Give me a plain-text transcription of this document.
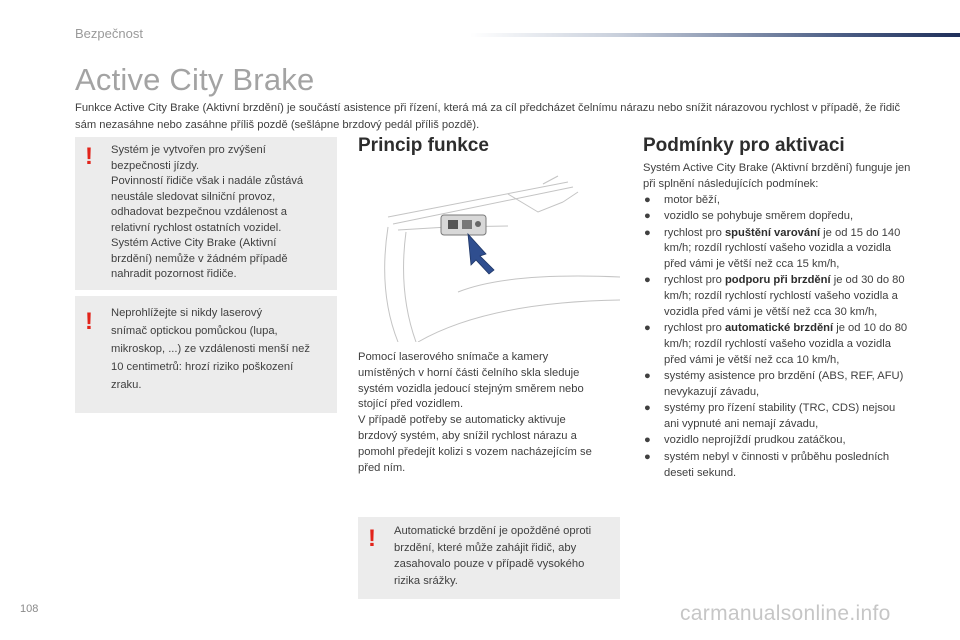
Bezpečnost
Active City Brake

Funkce Active City Brake (Aktivní brzdění) je součástí asistence při řízení, která má za cíl předcházet čelnímu nárazu nebo snížit nárazovou rychlost v případě, že řidič sám nezasáhne nebo zasáhne příliš pozdě (sešlápne brzdový pedál příliš pozdě).

! Systém je vytvořen pro zvýšení
bezpečnosti jízdy.
Povinností řidiče však i nadále zůstává
neustále sledovat silniční provoz,
odhadovat bezpečnou vzdálenost a
relativní rychlost ostatních vozidel.
Systém Active City Brake (Aktivní
brzdění) nemůže v žádném případě
nahradit pozornost řidiče.
! Neprohlížejte si nikdy laserový
snímač optickou pomůckou (lupa,
mikroskop, ...) ze vzdálenosti menší než
10 centimetrů: hrozí riziko poškození
zraku.
Princip funkce
Pomocí laserového snímače a kamery
umístěných v horní části čelního skla sleduje
systém vozidla jedoucí stejným směrem nebo
stojící před vozidlem.
V případě potřeby se automaticky aktivuje
brzdový systém, aby snížil rychlost nárazu a
pomohl předejít kolizi s vozem nacházejícím se
před ním.
! Automatické brzdění je opožděné oproti
brzdění, které může zahájit řidič, aby
zasahovalo pouze v případě vysokého
rizika srážky.
Podmínky pro aktivaci

Systém Active City Brake (Aktivní brzdění) funguje jen při splnění následujících podmínek:

● motor běží,
● vozidlo se pohybuje směrem dopředu,
● rychlost pro spuštění varování je od 15 do 140 km/h; rozdíl rychlostí vašeho vozidla a vozidla před vámi je větší než cca 15 km/h,
● rychlost pro podporu při brzdění je od 30 do 80 km/h; rozdíl rychlostí rychlostí vašeho vozidla a vozidla před vámi je větší než cca 30 km/h,
● rychlost pro automatické brzdění je od 10 do 80 km/h; rozdíl rychlostí vašeho vozidla a vozidla před vámi je větší než cca 10 km/h,
● systémy asistence pro brzdění (ABS, REF, AFU) nevykazují závadu,
● systémy pro řízení stability (TRC, CDS) nejsou ani vypnuté ani nemají závadu,
● vozidlo neprojíždí prudkou zatáčkou,
● systém nebyl v činnosti v průběhu posledních deseti sekund.
108	carmanualsonline.info
